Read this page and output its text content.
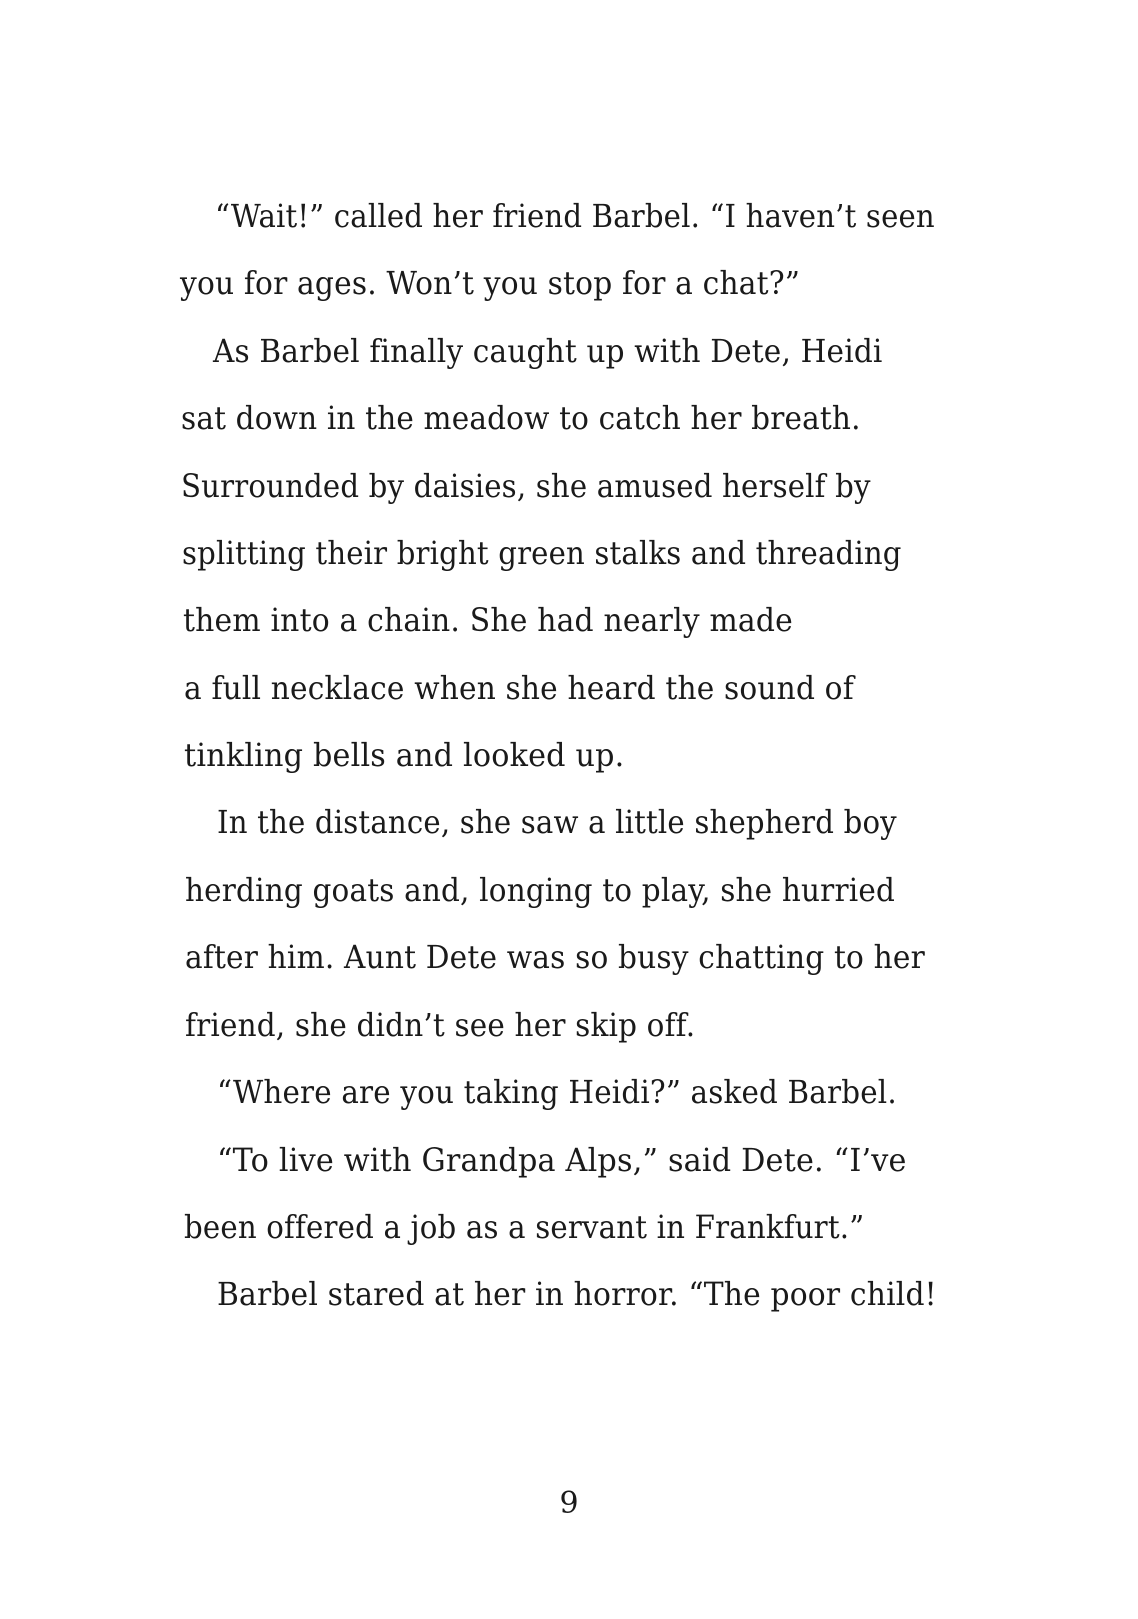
“Wait!” called her friend Barbel. “I haven’t seen
you for ages. Won’t you stop for a chat?”
As Barbel finally caught up with Dete, Heidi
sat down in the meadow to catch her breath.
Surrounded by daisies, she amused herself by
splitting their bright green stalks and threading
them into a chain. She had nearly made
a full necklace when she heard the sound of
tinkling bells and looked up.
In the distance, she saw a little shepherd boy
herding goats and, longing to play, she hurried
after him. Aunt Dete was so busy chatting to her
friend, she didn’t see her skip off.
“Where are you taking Heidi?” asked Barbel.
“To live with Grandpa Alps,” said Dete. “I’ve
been offered a job as a servant in Frankfurt.”
Barbel stared at her in horror. “The poor child!
9
